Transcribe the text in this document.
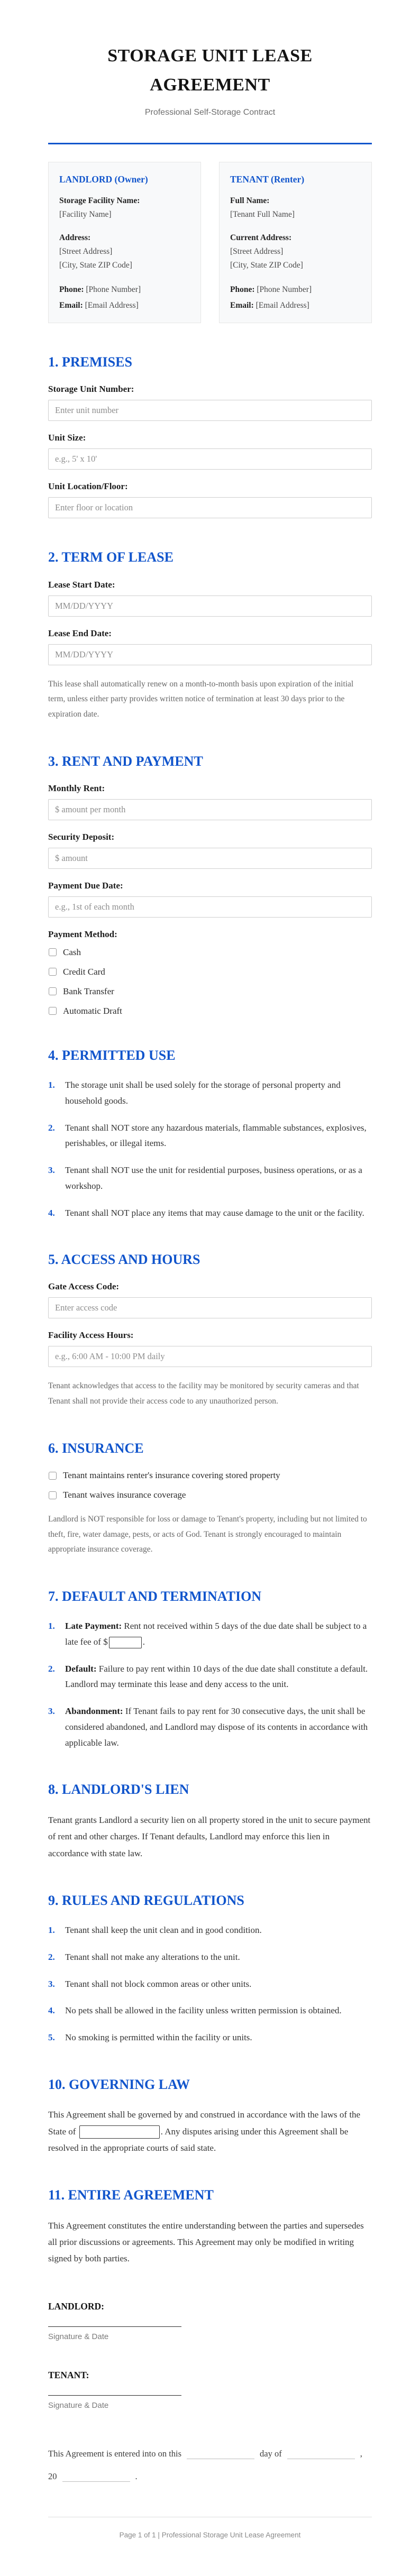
STORAGE UNIT LEASE AGREEMENT
Professional Self-Storage Contract
LANDLORD (Owner)
Storage Facility Name:
[Facility Name]
Address:
[Street Address]
[City, State ZIP Code]
Phone: [Phone Number]
Email: [Email Address]
TENANT (Renter)
Full Name:
[Tenant Full Name]
Current Address:
[Street Address]
[City, State ZIP Code]
Phone: [Phone Number]
Email: [Email Address]
1. PREMISES
Storage Unit Number:
Enter unit number
Unit Size:
e.g., 5' x 10'
Unit Location/Floor:
Enter floor or location
2. TERM OF LEASE
Lease Start Date:
MM/DD/YYYY
Lease End Date:
MM/DD/YYYY

This lease shall automatically renew on a month-to-month basis upon expiration of the initial term, unless either party provides written notice of termination at least 30 days prior to the expiration date.

3. RENT AND PAYMENT
Monthly Rent:
$ amount per month
Security Deposit:
$ amount
Payment Due Date:
e.g., 1st of each month
Payment Method:
Cash
Credit Card
Bank Transfer
Automatic Draft
4. PERMITTED USE
1.	The storage unit shall be used solely for the storage of personal property and household goods.
2.	Tenant shall NOT store any hazardous materials, flammable substances, explosives, perishables, or illegal items.
3.	Tenant shall NOT use the unit for residential purposes, business operations, or as a workshop.
4.	Tenant shall NOT place any items that may cause damage to the unit or the facility.
5. ACCESS AND HOURS
Gate Access Code:
Enter access code
Facility Access Hours:
e.g., 6:00 AM - 10:00 PM daily

Tenant acknowledges that access to the facility may be monitored by security cameras and that Tenant shall not provide their access code to any unauthorized person.

6. INSURANCE
Tenant maintains renter's insurance covering stored property
Tenant waives insurance coverage

Landlord is NOT responsible for loss or damage to Tenant's property, including but not limited to theft, fire, water damage, pests, or acts of God. Tenant is strongly encouraged to maintain appropriate insurance coverage.

7. DEFAULT AND TERMINATION
1.	Late Payment: Rent not received within 5 days of the due date shall be subject to a late fee of $	.
2.	Default: Failure to pay rent within 10 days of the due date shall constitute a default. Landlord may terminate this lease and deny access to the unit.
3.	Abandonment: If Tenant fails to pay rent for 30 consecutive days, the unit shall be considered abandoned, and Landlord may dispose of its contents in accordance with applicable law.
8. LANDLORD'S LIEN

Tenant grants Landlord a security lien on all property stored in the unit to secure payment of rent and other charges. If Tenant defaults, Landlord may enforce this lien in accordance with state law.

9. RULES AND REGULATIONS
1.	Tenant shall keep the unit clean and in good condition.
2.	Tenant shall not make any alterations to the unit.
3.	Tenant shall not block common areas or other units.
4.	No pets shall be allowed in the facility unless written permission is obtained.
5.	No smoking is permitted within the facility or units.
10. GOVERNING LAW

This Agreement shall be governed by and construed in accordance with the laws of the State of	. Any disputes arising under this Agreement shall be resolved in the appropriate courts of said state.

11. ENTIRE AGREEMENT

This Agreement constitutes the entire understanding between the parties and supersedes all prior discussions or agreements. This Agreement may only be modified in writing signed by both parties.

LANDLORD:
Signature & Date
TENANT:
Signature & Date

This Agreement is entered into on this	day of	, 20	.

Page 1 of 1 | Professional Storage Unit Lease Agreement
